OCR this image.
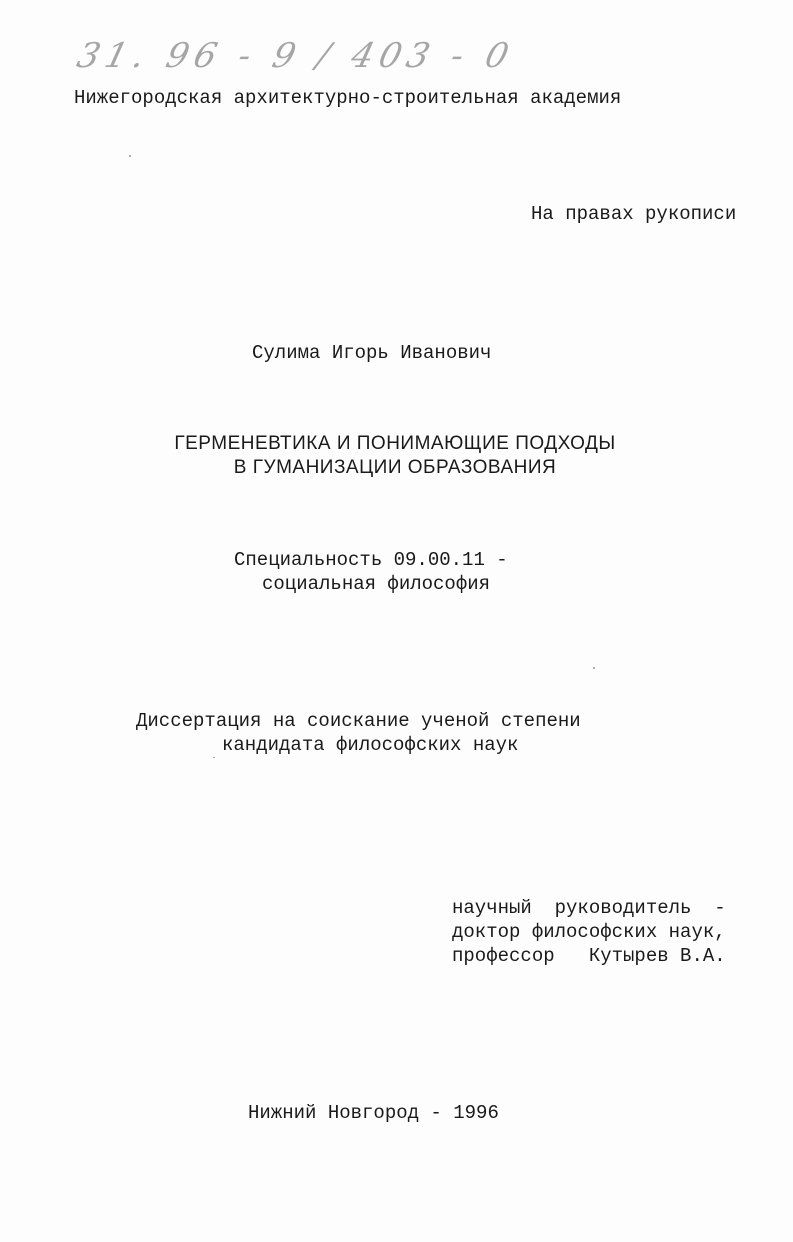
31. 96 - 9 / 403 - 0
Нижегородская архитектурно-строительная академия
На правах рукописи
Сулима Игорь Иванович
ГЕРМЕНЕВТИКА И ПОНИМАЮЩИЕ ПОДХОДЫ
В ГУМАНИЗАЦИИ ОБРАЗОВАНИЯ
Специальность 09.00.11 -
социальная философия
Диссертация на соискание ученой степени
кандидата философских наук
научный  руководитель  -
доктор философских наук,
профессор   Кутырев В.А.
Нижний Новгород - 1996
